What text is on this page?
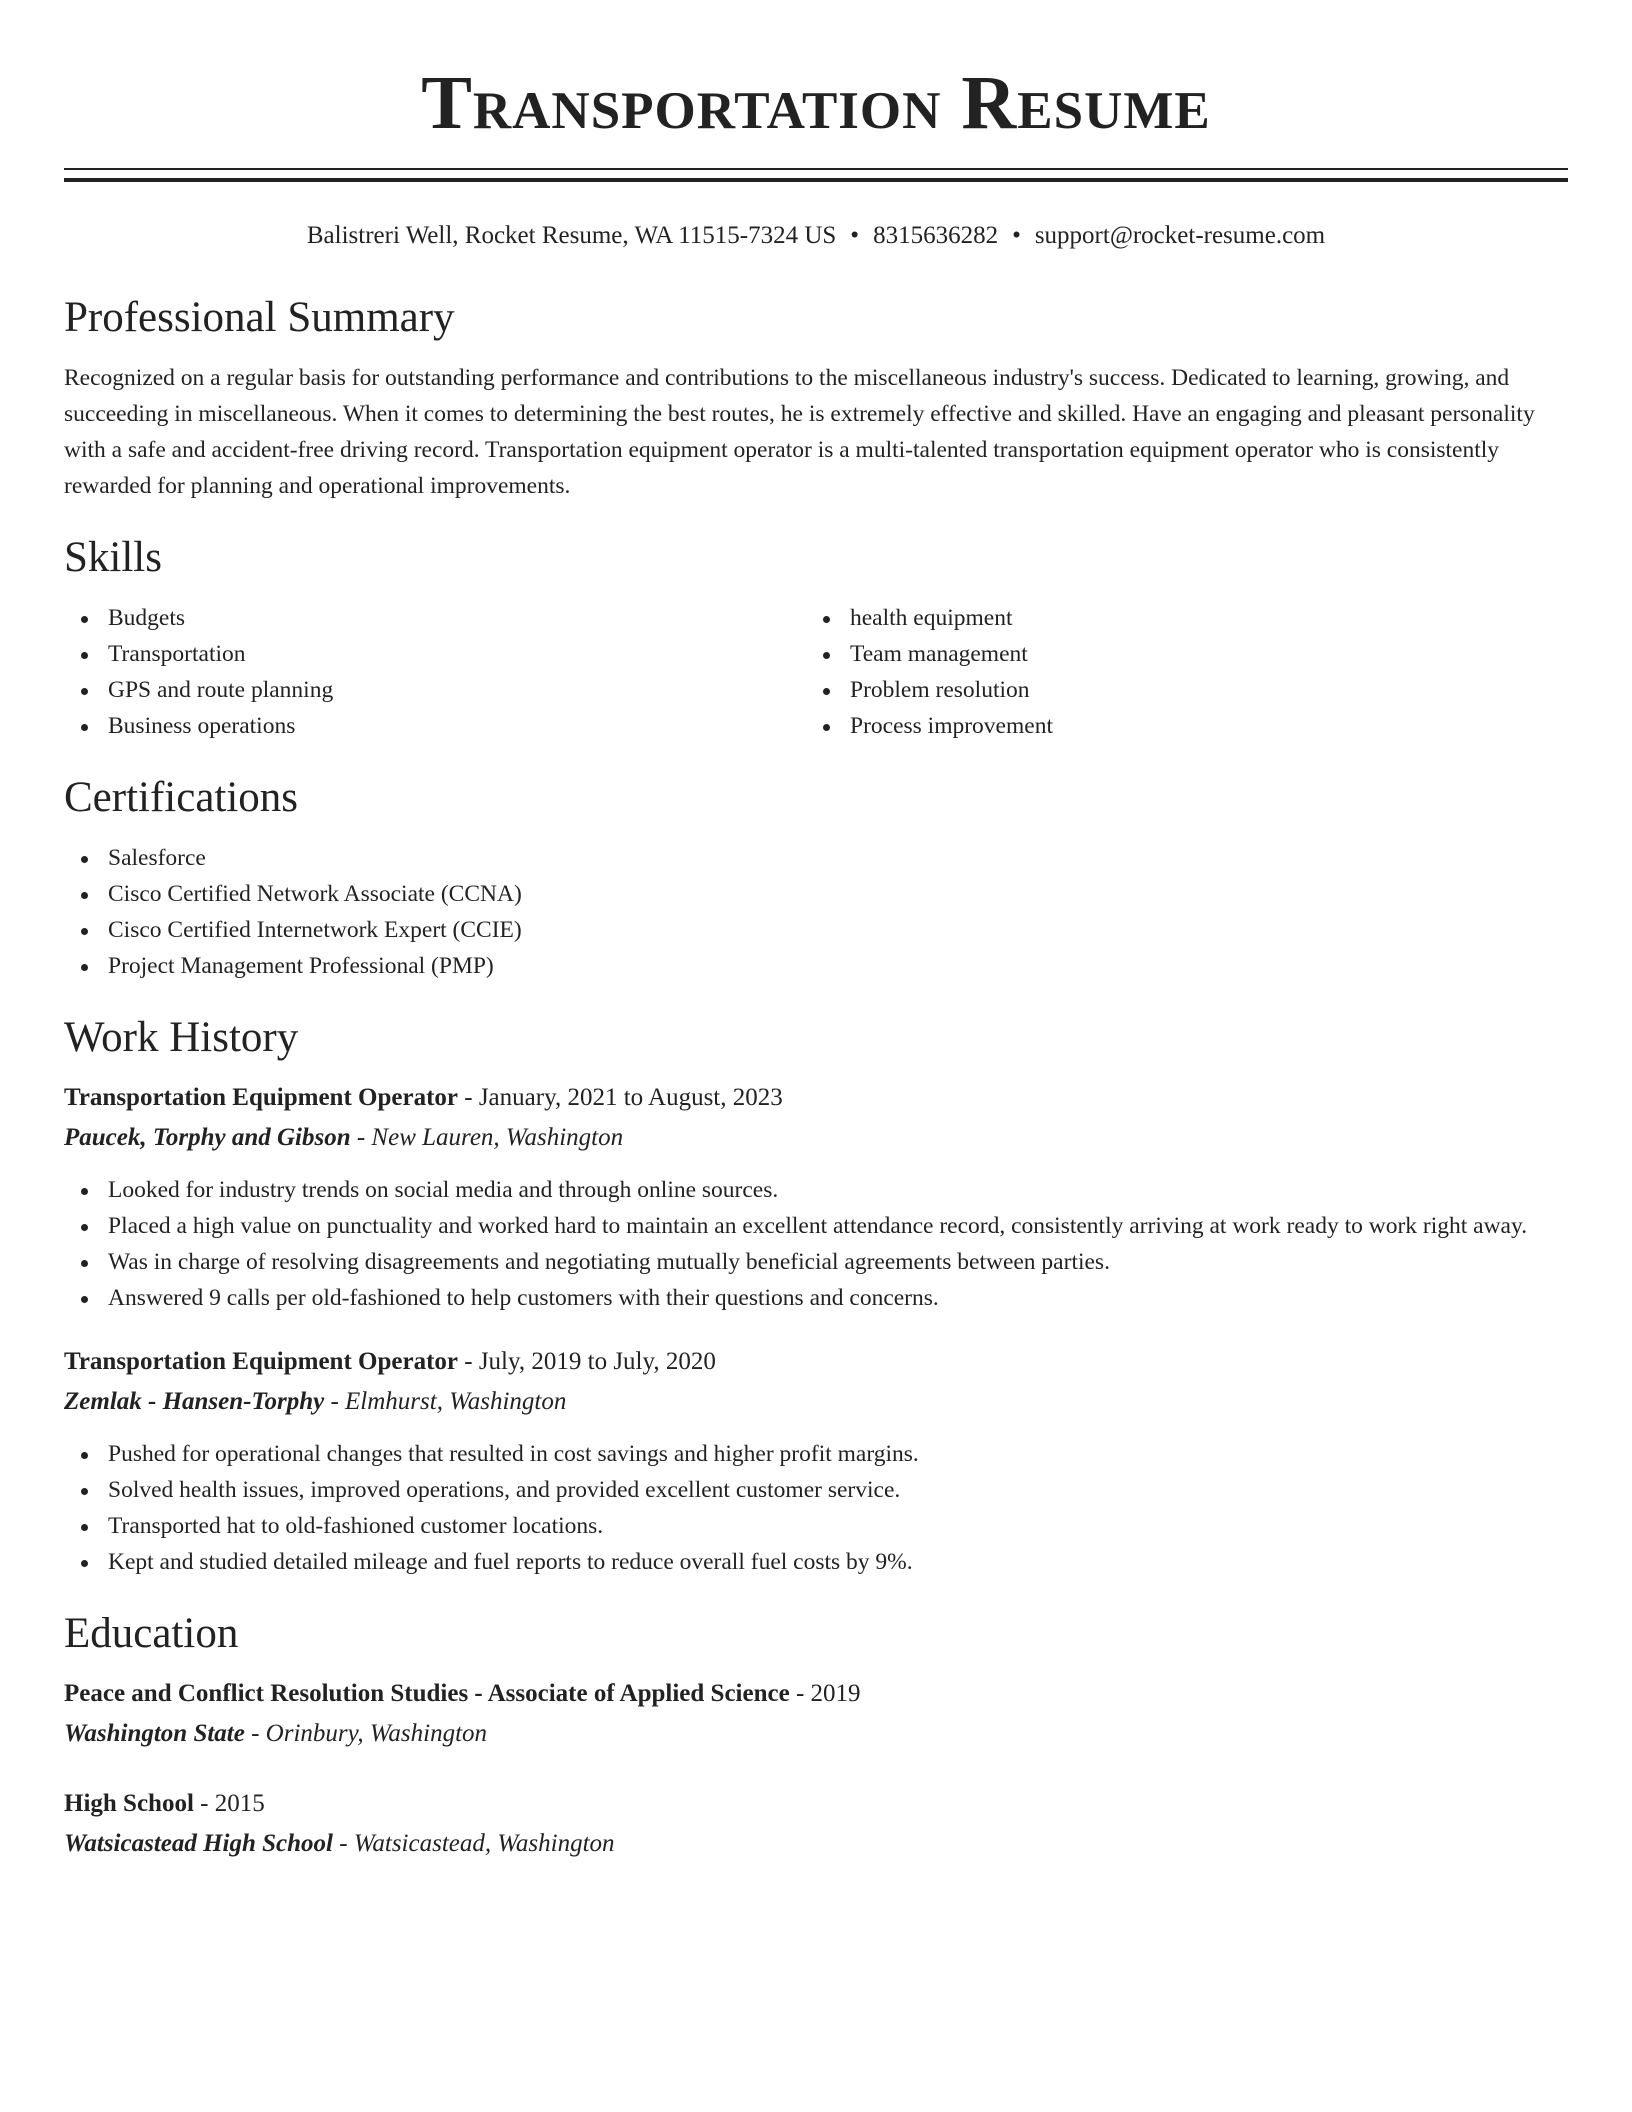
Transportation Resume
Balistreri Well, Rocket Resume, WA 11515-7324 US • 8315636282 • support@rocket-resume.com
Professional Summary

Recognized on a regular basis for outstanding performance and contributions to the miscellaneous industry's success. Dedicated to learning, growing, and succeeding in miscellaneous. When it comes to determining the best routes, he is extremely effective and skilled. Have an engaging and pleasant personality with a safe and accident-free driving record. Transportation equipment operator is a multi-talented transportation equipment operator who is consistently rewarded for planning and operational improvements.

Skills
Budgets
Transportation
GPS and route planning
Business operations
health equipment
Team management
Problem resolution
Process improvement
Certifications
Salesforce
Cisco Certified Network Associate (CCNA)
Cisco Certified Internetwork Expert (CCIE)
Project Management Professional (PMP)
Work History
Transportation Equipment Operator - January, 2021 to August, 2023
Paucek, Torphy and Gibson - New Lauren, Washington
Looked for industry trends on social media and through online sources.
Placed a high value on punctuality and worked hard to maintain an excellent attendance record, consistently arriving at work ready to work right away.
Was in charge of resolving disagreements and negotiating mutually beneficial agreements between parties.
Answered 9 calls per old-fashioned to help customers with their questions and concerns.
Transportation Equipment Operator - July, 2019 to July, 2020
Zemlak - Hansen-Torphy - Elmhurst, Washington
Pushed for operational changes that resulted in cost savings and higher profit margins.
Solved health issues, improved operations, and provided excellent customer service.
Transported hat to old-fashioned customer locations.
Kept and studied detailed mileage and fuel reports to reduce overall fuel costs by 9%.
Education
Peace and Conflict Resolution Studies - Associate of Applied Science - 2019
Washington State - Orinbury, Washington
High School - 2015
Watsicastead High School - Watsicastead, Washington
